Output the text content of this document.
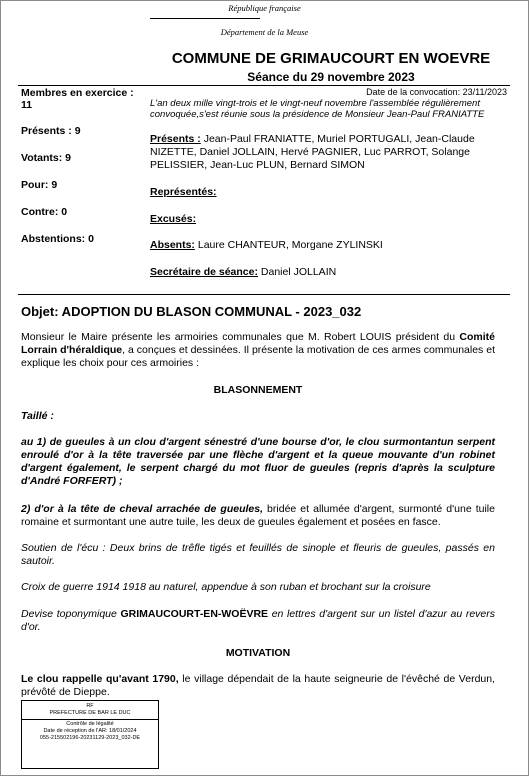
République française
Département de la Meuse
COMMUNE DE GRIMAUCOURT EN WOEVRE
Séance du 29 novembre 2023
Membres en exercice :
11
Présents : 9
Votants: 9
Pour: 9
Contre: 0
Abstentions: 0
Date de la convocation: 23/11/2023
L'an deux mille vingt-trois et le vingt-neuf novembre l'assemblée régulièrement convoquée,s'est réunie sous la présidence de Monsieur Jean-Paul FRANIATTE
Présents : Jean-Paul FRANIATTE, Muriel PORTUGALI, Jean-Claude NIZETTE, Daniel JOLLAIN, Hervé PAGNIER, Luc PARROT, Solange PELISSIER, Jean-Luc PLUN, Bernard SIMON
Représentés:
Excusés:
Absents: Laure CHANTEUR, Morgane ZYLINSKI
Secrétaire de séance: Daniel JOLLAIN
Objet: ADOPTION DU BLASON COMMUNAL - 2023_032
Monsieur le Maire présente les armoiries communales que M. Robert LOUIS président du Comité Lorrain d'héraldique, a conçues et dessinées. Il présente la motivation de ces armes communales et explique les choix pour ces armoiries :
BLASONNEMENT
Taillé :
au 1) de gueules à un clou d'argent sénestré d'une bourse d'or, le clou surmontantun serpent enroulé d'or à la tête traversée par une flèche d'argent et la queue mouvante d'un robinet d'argent également, le serpent chargé du mot fluor de gueules (repris d'après la sculpture d'André FORFERT) ;
2) d'or à la tête de cheval arrachée de gueules, bridée et allumée d'argent, surmonté d'une tuile romaine et surmontant une autre tuile, les deux de gueules également et posées en fasce.
Soutien de l'écu : Deux brins de trêfle tigés et feuillés de sinople et fleuris de gueules, passés en sautoir.
Croix de guerre 1914 1918 au naturel, appendue à son ruban et brochant sur la croisure
Devise toponymique GRIMAUCOURT-EN-WOËVRE en lettres d'argent sur un listel d'azur au revers d'or.
MOTIVATION
Le clou rappelle qu'avant 1790, le village dépendait de la haute seigneurie de l'évêché de Verdun, prévôté de Dieppe.
RF
PREFECTURE DE BAR LE DUC
Contrôle de légalité
Date de réception de l'AR: 18/01/2024
055-215502196-20231129-2023_032-DE
